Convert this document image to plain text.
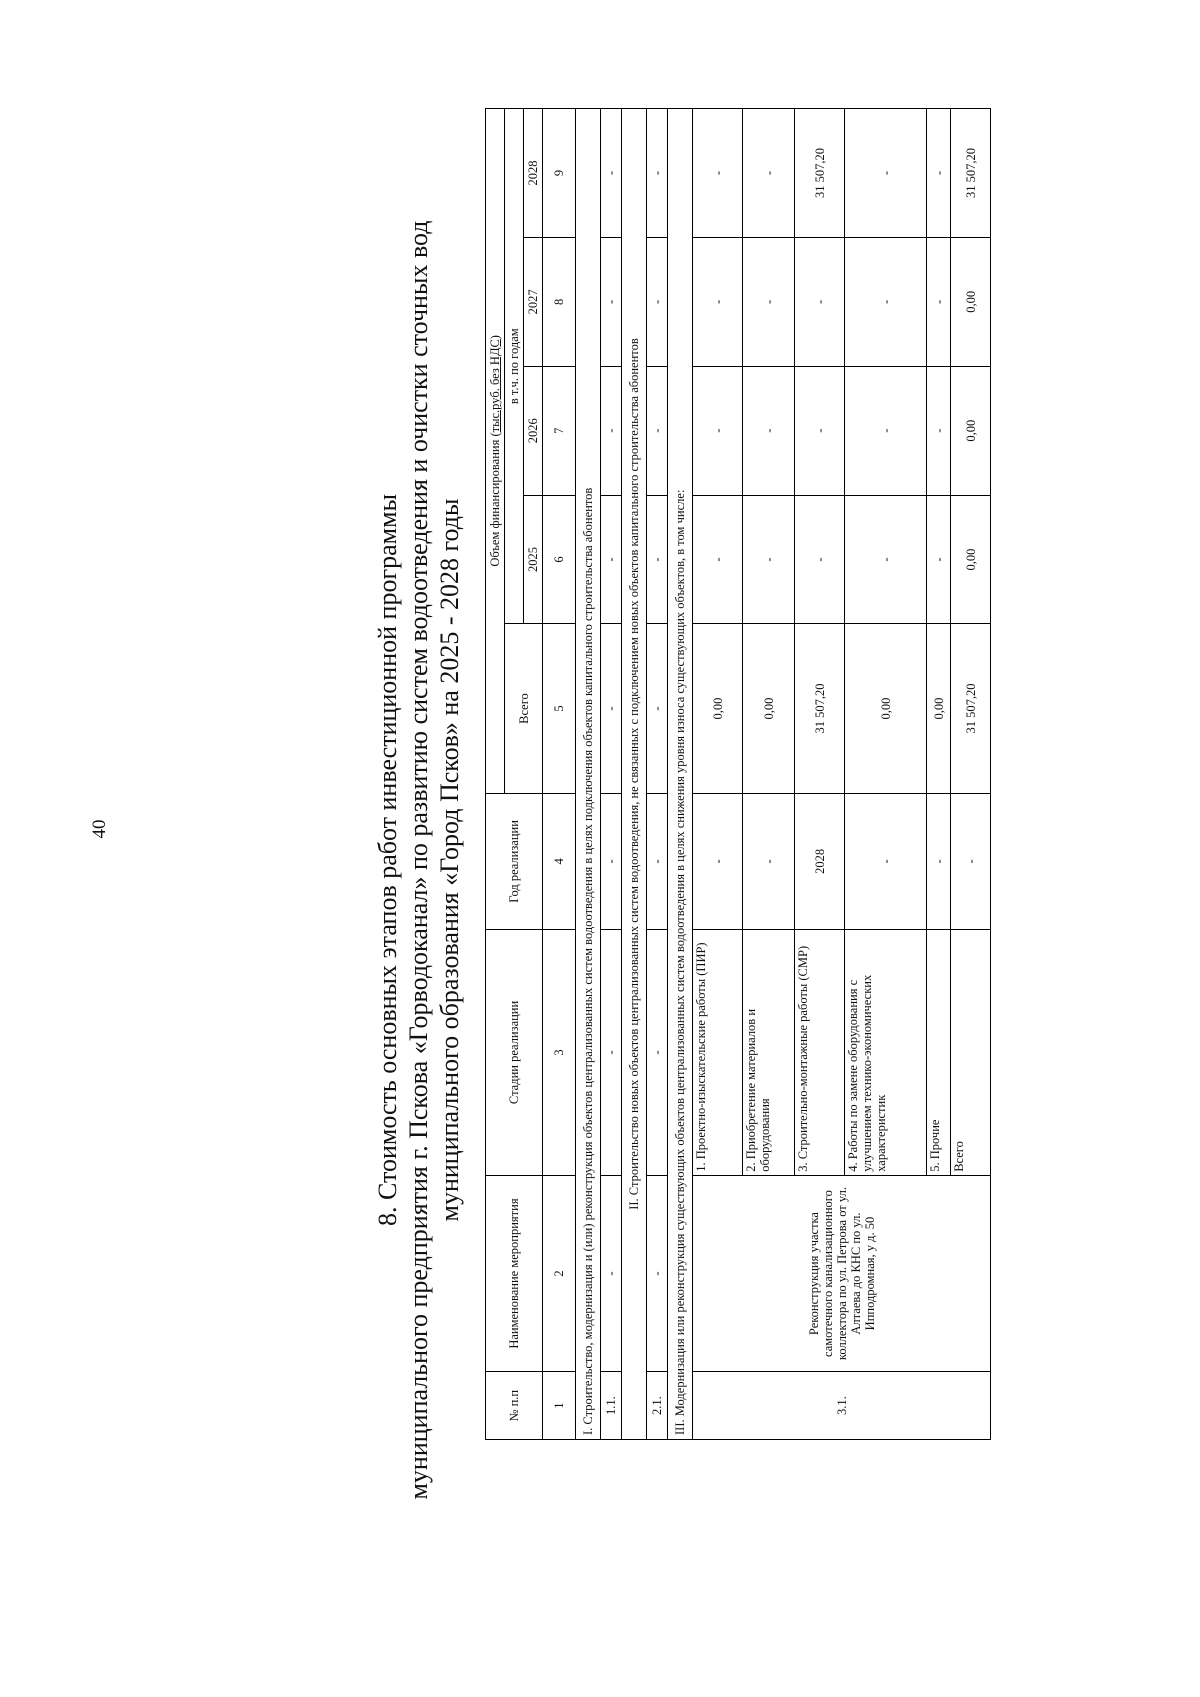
40	8. Стоимость основных этапов работ инвестиционной программы муниципального предприятия г. Пскова «Горводоканал» по развитию систем водоотведения и очистки сточных вод муниципального образования «Город Псков» на 2025 - 2028 годы
№ п.п	Наименование мероприятия	Стадии реализации	Год реализации	Объем финансирования (тыс.руб. без НДС)				
				Всего	в т.ч. по годам			
					2025	2026	2027	2028
1	2	3	4	5	6	7	8	9
I. Строительство, модернизация и (или) реконструкция объектов централизованных систем водоотведения в целях подключения объектов капитального строительства абонентов								
1.1.	-	-	-	-	-	-	-	-
II. Строительство новых объектов централизованных систем водоотведения, не связанных с подключением новых объектов капитального строительства абонентов								
2.1.	-	-	-	-	-	-	-	-
III. Модернизация или реконструкция существующих объектов централизованных систем водоотведения в целях снижения уровня износа существующих объектов, в том числе:								
3.1.	Реконструкция участка самотечного канализационного коллектора по ул. Петрова от ул. Алтаева до КНС по ул. Ипподромная, у д. 50	1. Проектно-изыскательские работы (ПИР)	-	0,00	-	-	-	-
		2. Приобретение материалов и оборудования	-	0,00	-	-	-	-
		3. Строительно-монтажные работы (СМР)	2028	31 507,20	-	-	-	31 507,20
		4. Работы по замене оборудования с улучшением технико-экономических характеристик	-	0,00	-	-	-	-
		5. Прочие	-	0,00	-	-	-	-
		Всего	-	31 507,20	0,00	0,00	0,00	31 507,20
